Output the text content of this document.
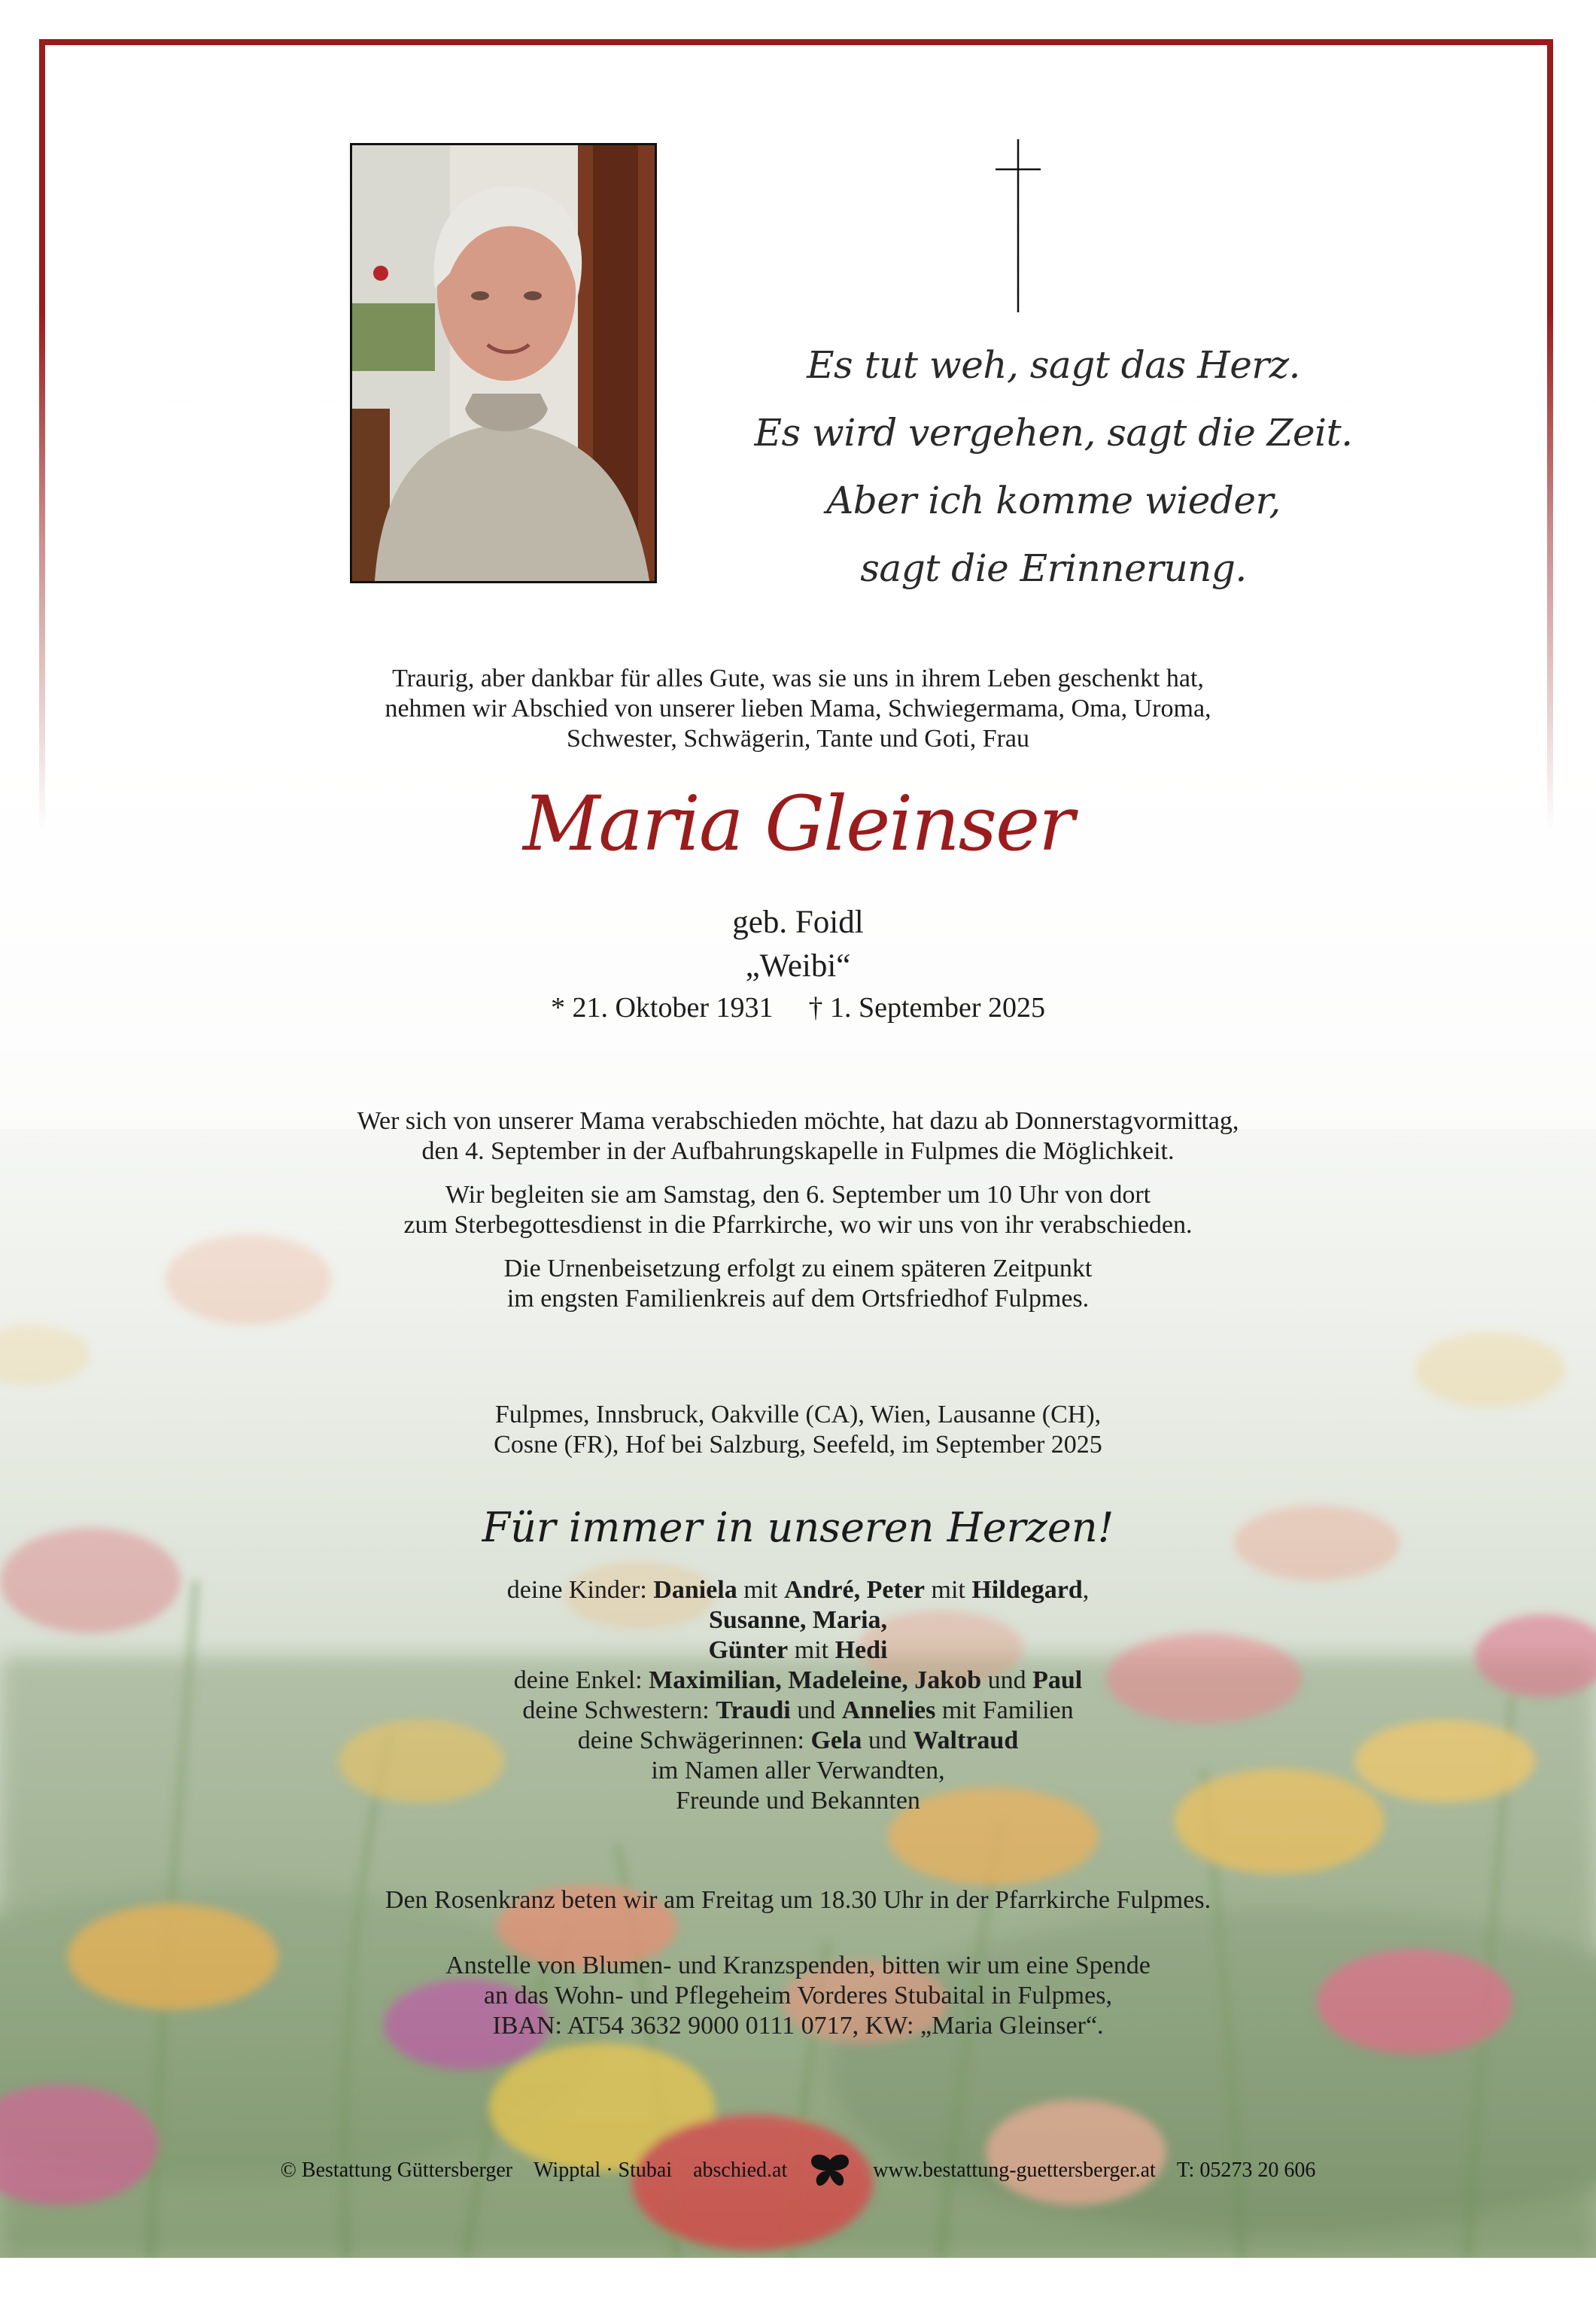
Es tut weh, sagt das Herz.
Es wird vergehen, sagt die Zeit.
Aber ich komme wieder,
sagt die Erinnerung.
Traurig, aber dankbar für alles Gute, was sie uns in ihrem Leben geschenkt hat,
nehmen wir Abschied von unserer lieben Mama, Schwiegermama, Oma, Uroma,
Schwester, Schwägerin, Tante und Goti, Frau
Maria Gleinser
geb. Foidl
„Weibi“
* 21. Oktober 1931 † 1. September 2025
Wer sich von unserer Mama verabschieden möchte, hat dazu ab Donnerstagvormittag,
den 4. September in der Aufbahrungskapelle in Fulpmes die Möglichkeit.
Wir begleiten sie am Samstag, den 6. September um 10 Uhr von dort
zum Sterbegottesdienst in die Pfarrkirche, wo wir uns von ihr verabschieden.
Die Urnenbeisetzung erfolgt zu einem späteren Zeitpunkt
im engsten Familienkreis auf dem Ortsfriedhof Fulpmes.
Fulpmes, Innsbruck, Oakville (CA), Wien, Lausanne (CH),
Cosne (FR), Hof bei Salzburg, Seefeld, im September 2025
Für immer in unseren Herzen!
deine Kinder: Daniela mit André, Peter mit Hildegard,
Susanne, Maria,
Günter mit Hedi
deine Enkel: Maximilian, Madeleine, Jakob und Paul
deine Schwestern: Traudi und Annelies mit Familien
deine Schwägerinnen: Gela und Waltraud
im Namen aller Verwandten,
Freunde und Bekannten
Den Rosenkranz beten wir am Freitag um 18.30 Uhr in der Pfarrkirche Fulpmes.
Anstelle von Blumen- und Kranzspenden, bitten wir um eine Spende
an das Wohn- und Pflegeheim Vorderes Stubaital in Fulpmes,
IBAN: AT54 3632 9000 0111 0717, KW: „Maria Gleinser“.
© Bestattung Güttersberger Wipptal · Stubai abschied.at	www.bestattung-guettersberger.at T: 05273 20 606
